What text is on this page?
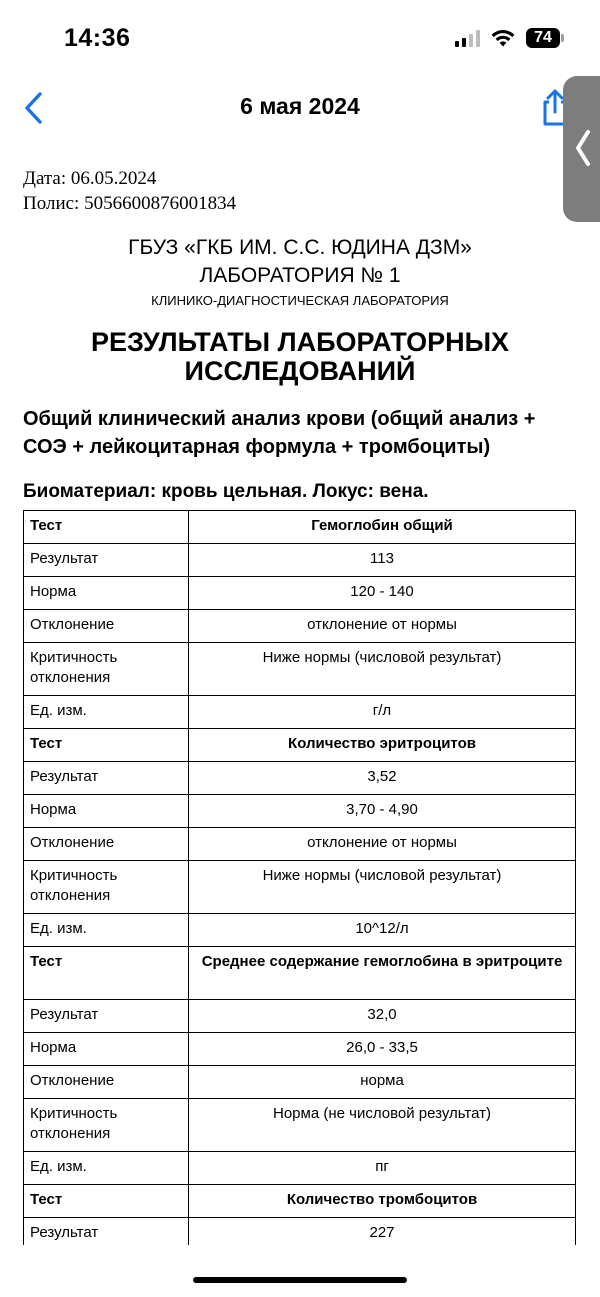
14:36	74
6 мая 2024
Дата: 06.05.2024
Полис: 5056600876001834
ГБУЗ «ГКБ ИМ. С.С. ЮДИНА ДЗМ»
ЛАБОРАТОРИЯ № 1
КЛИНИКО-ДИАГНОСТИЧЕСКАЯ ЛАБОРАТОРИЯ
РЕЗУЛЬТАТЫ ЛАБОРАТОРНЫХ ИССЛЕДОВАНИЙ
Общий клинический анализ крови (общий анализ + СОЭ + лейкоцитарная формула + тромбоциты)
Биоматериал: кровь цельная. Локус: вена.
Тест	Гемоглобин общий
Результат	113
Норма	120 - 140
Отклонение	отклонение от нормы
Критичность отклонения	Ниже нормы (числовой результат)
Ед. изм.	г/л
Тест	Количество эритроцитов
Результат	3,52
Норма	3,70 - 4,90
Отклонение	отклонение от нормы
Критичность отклонения	Ниже нормы (числовой результат)
Ед. изм.	10^12/л
Тест	Среднее содержание гемоглобина в эритроците
Результат	32,0
Норма	26,0 - 33,5
Отклонение	норма
Критичность отклонения	Норма (не числовой результат)
Ед. изм.	пг
Тест	Количество тромбоцитов
Результат	227
